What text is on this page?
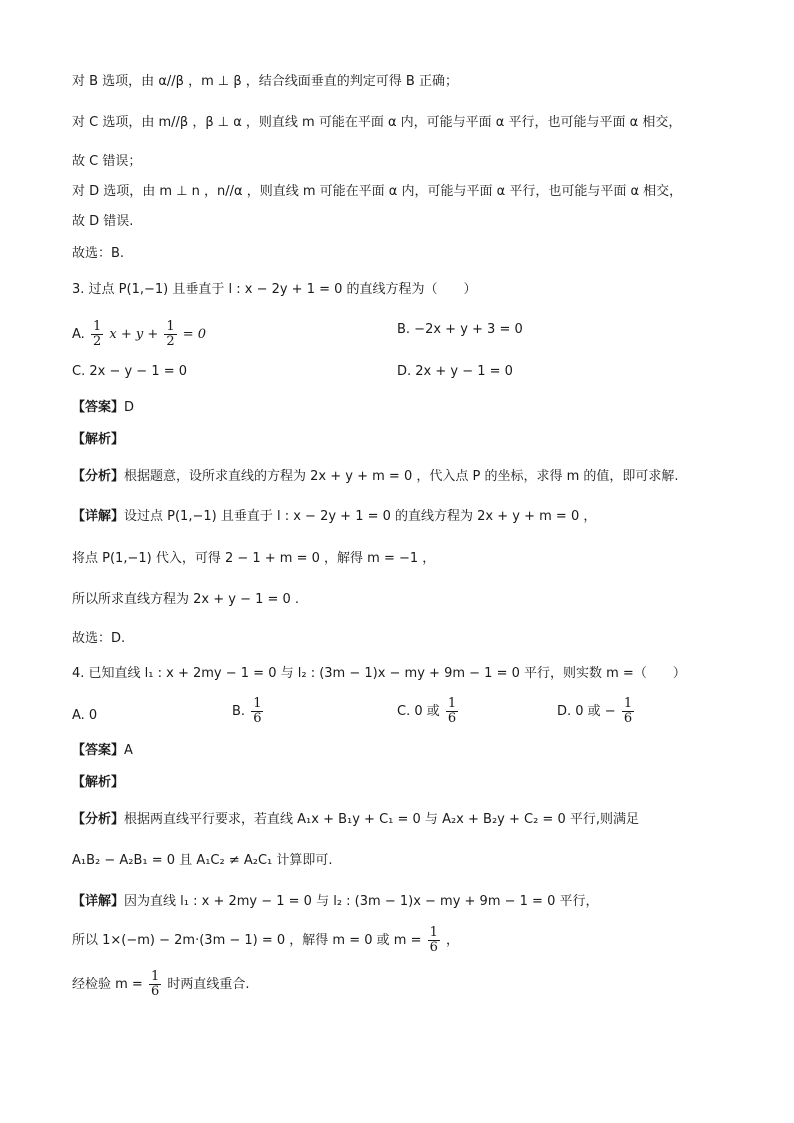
对 B 选项，由 α//β ，m ⊥ β ，结合线面垂直的判定可得 B 正确；
对 C 选项，由 m//β ，β ⊥ α ，则直线 m 可能在平面 α 内，可能与平面 α 平行，也可能与平面 α 相交，
故 C 错误；
对 D 选项，由 m ⊥ n ，n//α ，则直线 m 可能在平面 α 内，可能与平面 α 平行，也可能与平面 α 相交，
故 D 错误.
故选：B.
3. 过点 P(1,−1) 且垂直于 l : x − 2y + 1 = 0 的直线方程为（　　）
A. $\frac{1}{2}$ $x + y + \frac{1}{2} = 0$	B. −2x + y + 3 = 0
C. 2x − y − 1 = 0	D. 2x + y − 1 = 0
【答案】D
【解析】
【分析】根据题意，设所求直线的方程为 2x + y + m = 0 ，代入点 P 的坐标，求得 m 的值，即可求解.
【详解】设过点 P(1,−1) 且垂直于 l : x − 2y + 1 = 0 的直线方程为 2x + y + m = 0 ，
将点 P(1,−1) 代入，可得 2 − 1 + m = 0 ，解得 m = −1 ，
所以所求直线方程为 2x + y − 1 = 0 .
故选：D.
4. 已知直线 l₁ : x + 2my − 1 = 0 与 l₂ : (3m − 1)x − my + 9m − 1 = 0 平行，则实数 m =（　　）
A. 0	B. $\frac{1}{6}$	C. 0 或 $\frac{1}{6}$	D. 0 或 − $\frac{1}{6}$
【答案】A
【解析】
【分析】根据两直线平行要求，若直线 A₁x + B₁y + C₁ = 0 与 A₂x + B₂y + C₂ = 0 平行,则满足
A₁B₂ − A₂B₁ = 0 且 A₁C₂ ≠ A₂C₁ 计算即可.
【详解】因为直线 l₁ : x + 2my − 1 = 0 与 l₂ : (3m − 1)x − my + 9m − 1 = 0 平行，
所以 1×(−m) − 2m·(3m − 1) = 0 ，解得 m = 0 或 $m = \frac{1}{6}$ ，
经检验 $m = \frac{1}{6}$ 时两直线重合.
